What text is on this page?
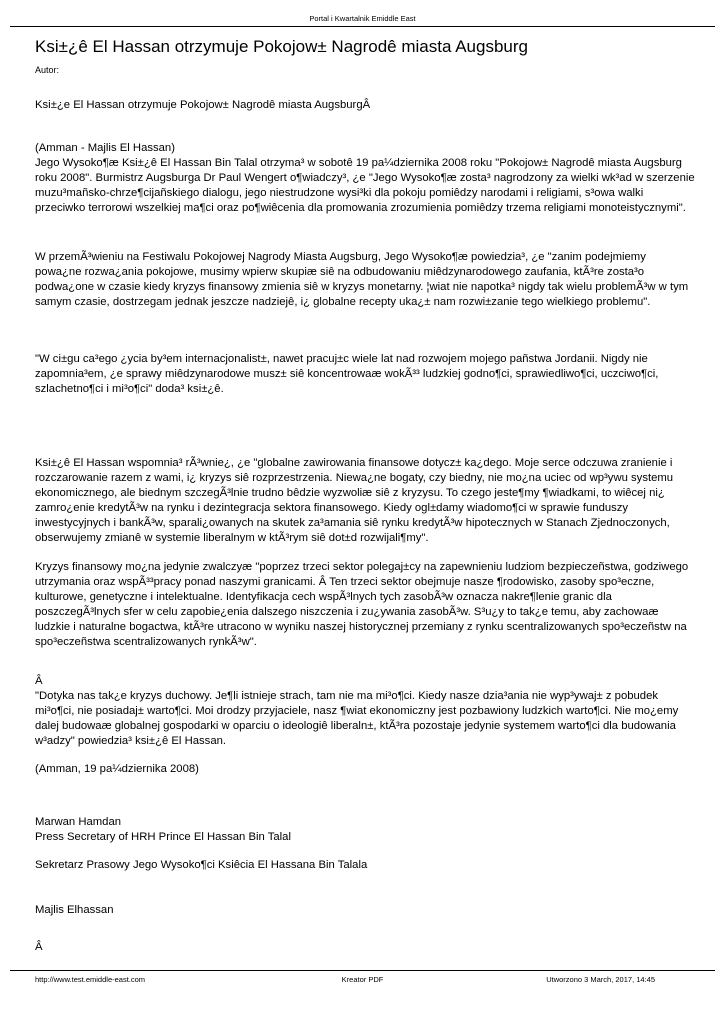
Portal i Kwartalnik Emiddle East
Ksi±¿ê El Hassan otrzymuje Pokojow± Nagrodê miasta Augsburg
Autor:
Ksi±¿e El Hassan otrzymuje Pokojow± Nagrodê miasta AugsburgÂ

(Amman - Majlis El Hassan)

Jego Wysoko¶æ Ksi±¿ê El Hassan Bin Talal otrzyma³ w sobotê 19 pa¼dziernika 2008 roku "Pokojow± Nagrodê miasta Augsburg roku 2008". Burmistrz Augsburga Dr Paul Wengert o¶wiadczy³, ¿e "Jego Wysoko¶æ zosta³ nagrodzony za wielki wk³ad w szerzenie muzu³mañsko-chrze¶cijañskiego dialogu, jego niestrudzone wysi³ki dla pokoju pomiêdzy narodami i religiami, s³owa walki przeciwko terrorowi wszelkiej ma¶ci oraz po¶wiêcenia dla promowania zrozumienia pomiêdzy trzema religiami monoteistycznymi".

W przemÃ³wieniu na Festiwalu Pokojowej Nagrody Miasta Augsburg, Jego Wysoko¶æ powiedzia³, ¿e "zanim podejmiemy powa¿ne rozwa¿ania pokojowe, musimy wpierw skupiæ siê na odbudowaniu miêdzynarodowego zaufania, ktÃ³re zosta³o podwa¿one w czasie kiedy kryzys finansowy zmienia siê w kryzys monetarny. ¦wiat nie napotka³ nigdy tak wielu problemÃ³w w tym samym czasie, dostrzegam jednak jeszcze nadziejê, i¿ globalne recepty uka¿± nam rozwi±zanie tego wielkiego problemu".
"W ci±gu ca³ego ¿ycia by³em internacjonalist±, nawet pracuj±c wiele lat nad rozwojem mojego pañstwa Jordanii. Nigdy nie zapomnia³em, ¿e sprawy miêdzynarodowe musz± siê koncentrowaæ wokÃ³³ ludzkiej godno¶ci, sprawiedliwo¶ci, uczciwo¶ci, szlachetno¶ci i mi³o¶ci" doda³ ksi±¿ê.
Ksi±¿ê El Hassan wspomnia³ rÃ³wnie¿, ¿e "globalne zawirowania finansowe dotycz± ka¿dego. Moje serce odczuwa zranienie i rozczarowanie razem z wami, i¿ kryzys siê rozprzestrzenia. Niewa¿ne bogaty, czy biedny, nie mo¿na uciec od wp³ywu systemu ekonomicznego, ale biednym szczegÃ³lnie trudno bêdzie wyzwoliæ siê z kryzysu. To czego jeste¶my ¶wiadkami, to wiêcej ni¿ zamro¿enie kredytÃ³w na rynku i dezintegracja sektora finansowego. Kiedy ogl±damy wiadomo¶ci w sprawie funduszy inwestycyjnych i bankÃ³w, sparali¿owanych na skutek za³amania siê rynku kredytÃ³w hipotecznych w Stanach Zjednoczonych, obserwujemy zmianê w systemie liberalnym w ktÃ³rym siê dot±d rozwijali¶my".
Kryzys finansowy mo¿na jedynie zwalczyæ "poprzez trzeci sektor polegaj±cy na zapewnieniu ludziom bezpieczeñstwa, godziwego utrzymania oraz wspÃ³³pracy ponad naszymi granicami. Â Ten trzeci sektor obejmuje nasze ¶rodowisko, zasoby spo³eczne, kulturowe, genetyczne i intelektualne. Identyfikacja cech wspÃ³lnych tych zasobÃ³w oznacza nakre¶lenie granic dla poszczegÃ³lnych sfer w celu zapobie¿enia dalszego niszczenia i zu¿ywania zasobÃ³w. S³u¿y to tak¿e temu, aby zachowaæ ludzkie i naturalne bogactwa, ktÃ³re utracono w wyniku naszej historycznej przemiany z rynku scentralizowanych spo³eczeñstw na spo³eczeñstwa scentralizowanych rynkÃ³w".
Â
"Dotyka nas tak¿e kryzys duchowy. Je¶li istnieje strach, tam nie ma mi³o¶ci. Kiedy nasze dzia³ania nie wyp³ywaj± z pobudek mi³o¶ci, nie posiadaj± warto¶ci. Moi drodzy przyjaciele, nasz ¶wiat ekonomiczny jest pozbawiony ludzkich warto¶ci. Nie mo¿emy dalej budowaæ globalnej gospodarki w oparciu o ideologiê liberaln±, ktÃ³ra pozostaje jedynie systemem warto¶ci dla budowania w³adzy" powiedzia³ ksi±¿ê El Hassan.
(Amman, 19 pa¼dziernika 2008)

Marwan Hamdan

Press Secretary of HRH Prince El Hassan Bin Talal

Sekretarz Prasowy Jego Wysoko¶ci Ksiêcia El Hassana Bin Talala
Majlis Elhassan
Â
http://www.test.emiddle-east.com	Kreator PDF	Utworzono 3 March, 2017, 14:45
